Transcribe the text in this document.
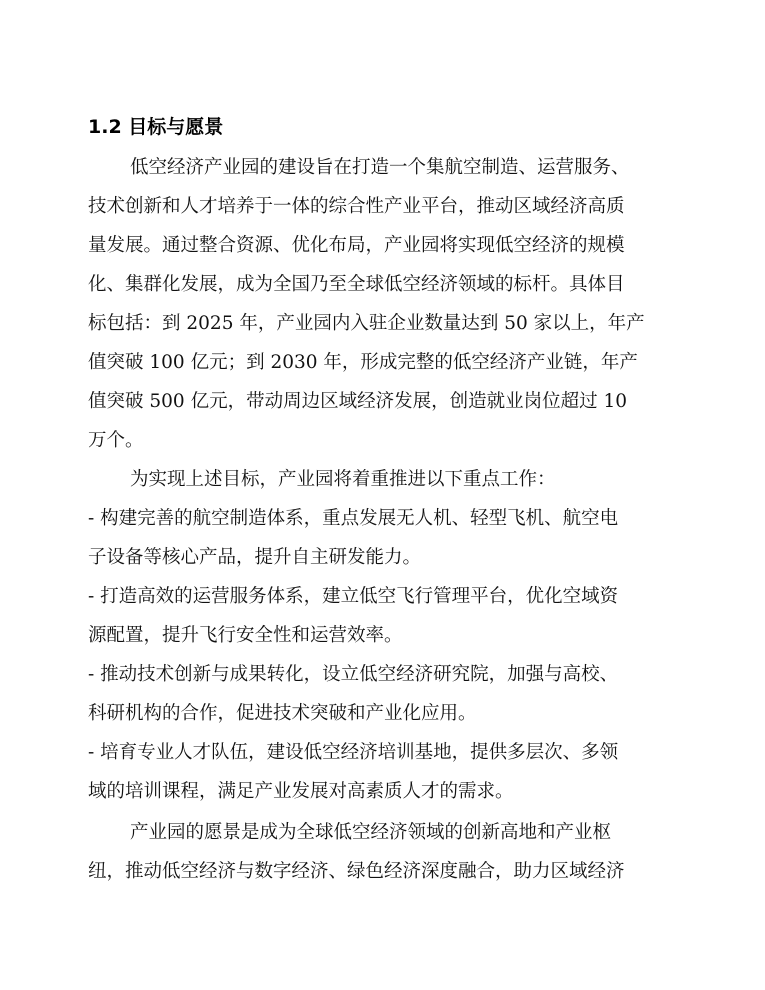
1.2 目标与愿景

低空经济产业园的建设旨在打造一个集航空制造、运营服务、

技术创新和人才培养于一体的综合性产业平台，推动区域经济高质

量发展。通过整合资源、优化布局，产业园将实现低空经济的规模

化、集群化发展，成为全国乃至全球低空经济领域的标杆。具体目

标包括：到 2025 年，产业园内入驻企业数量达到 50 家以上，年产

值突破 100 亿元；到 2030 年，形成完整的低空经济产业链，年产

值突破 500 亿元，带动周边区域经济发展，创造就业岗位超过 10

万个。

为实现上述目标，产业园将着重推进以下重点工作：

- 构建完善的航空制造体系，重点发展无人机、轻型飞机、航空电

子设备等核心产品，提升自主研发能力。

- 打造高效的运营服务体系，建立低空飞行管理平台，优化空域资

源配置，提升飞行安全性和运营效率。

- 推动技术创新与成果转化，设立低空经济研究院，加强与高校、

科研机构的合作，促进技术突破和产业化应用。

- 培育专业人才队伍，建设低空经济培训基地，提供多层次、多领

域的培训课程，满足产业发展对高素质人才的需求。

产业园的愿景是成为全球低空经济领域的创新高地和产业枢

纽，推动低空经济与数字经济、绿色经济深度融合，助力区域经济
